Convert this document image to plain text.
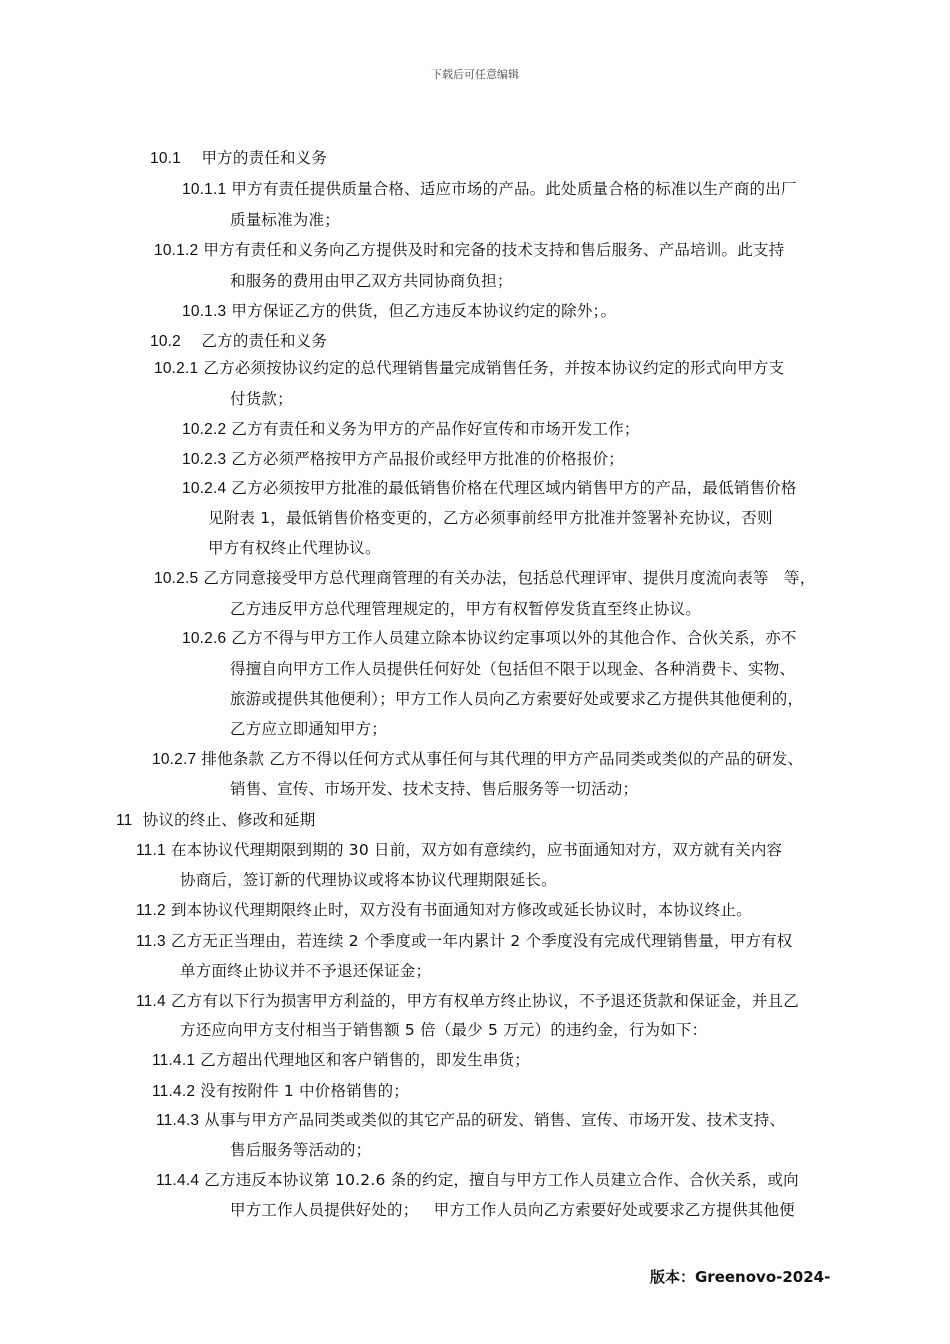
下载后可任意编辑
10.1    甲方的责任和义务
10.1.1 甲方有责任提供质量合格、适应市场的产品。此处质量合格的标准以生产商的出厂
质量标准为准；
10.1.2 甲方有责任和义务向乙方提供及时和完备的技术支持和售后服务、产品培训。此支持
和服务的费用由甲乙双方共同协商负担；
10.1.3 甲方保证乙方的供货，但乙方违反本协议约定的除外；。
10.2    乙方的责任和义务
10.2.1 乙方必须按协议约定的总代理销售量完成销售任务，并按本协议约定的形式向甲方支
付货款；
10.2.2 乙方有责任和义务为甲方的产品作好宣传和市场开发工作；
10.2.3 乙方必须严格按甲方产品报价或经甲方批准的价格报价；
10.2.4 乙方必须按甲方批准的最低销售价格在代理区域内销售甲方的产品，最低销售价格
见附表 1，最低销售价格变更的，乙方必须事前经甲方批准并签署补充协议，否则
甲方有权终止代理协议。
10.2.5 乙方同意接受甲方总代理商管理的有关办法，包括总代理评审、提供月度流向表等   等，
乙方违反甲方总代理管理规定的，甲方有权暂停发货直至终止协议。
10.2.6 乙方不得与甲方工作人员建立除本协议约定事项以外的其他合作、合伙关系，亦不
得擅自向甲方工作人员提供任何好处（包括但不限于以现金、各种消费卡、实物、
旅游或提供其他便利）；甲方工作人员向乙方索要好处或要求乙方提供其他便利的，
乙方应立即通知甲方；
10.2.7 排他条款 乙方不得以任何方式从事任何与其代理的甲方产品同类或类似的产品的研发、
销售、宣传、市场开发、技术支持、售后服务等一切活动；
11  协议的终止、修改和延期
11.1 在本协议代理期限到期的 30 日前，双方如有意续约，应书面通知对方，双方就有关内容
协商后，签订新的代理协议或将本协议代理期限延长。
11.2 到本协议代理期限终止时，双方没有书面通知对方修改或延长协议时，本协议终止。
11.3 乙方无正当理由，若连续 2 个季度或一年内累计 2 个季度没有完成代理销售量，甲方有权
单方面终止协议并不予退还保证金；
11.4 乙方有以下行为损害甲方利益的，甲方有权单方终止协议，不予退还货款和保证金，并且乙
方还应向甲方支付相当于销售额 5 倍（最少 5 万元）的违约金，行为如下：
11.4.1 乙方超出代理地区和客户销售的，即发生串货；
11.4.2 没有按附件 1 中价格销售的；
11.4.3 从事与甲方产品同类或类似的其它产品的研发、销售、宣传、市场开发、技术支持、
售后服务等活动的；
11.4.4 乙方违反本协议第 10.2.6 条的约定，擅自与甲方工作人员建立合作、合伙关系，或向
甲方工作人员提供好处的；   甲方工作人员向乙方索要好处或要求乙方提供其他便
版本：Greenovo-2024-
